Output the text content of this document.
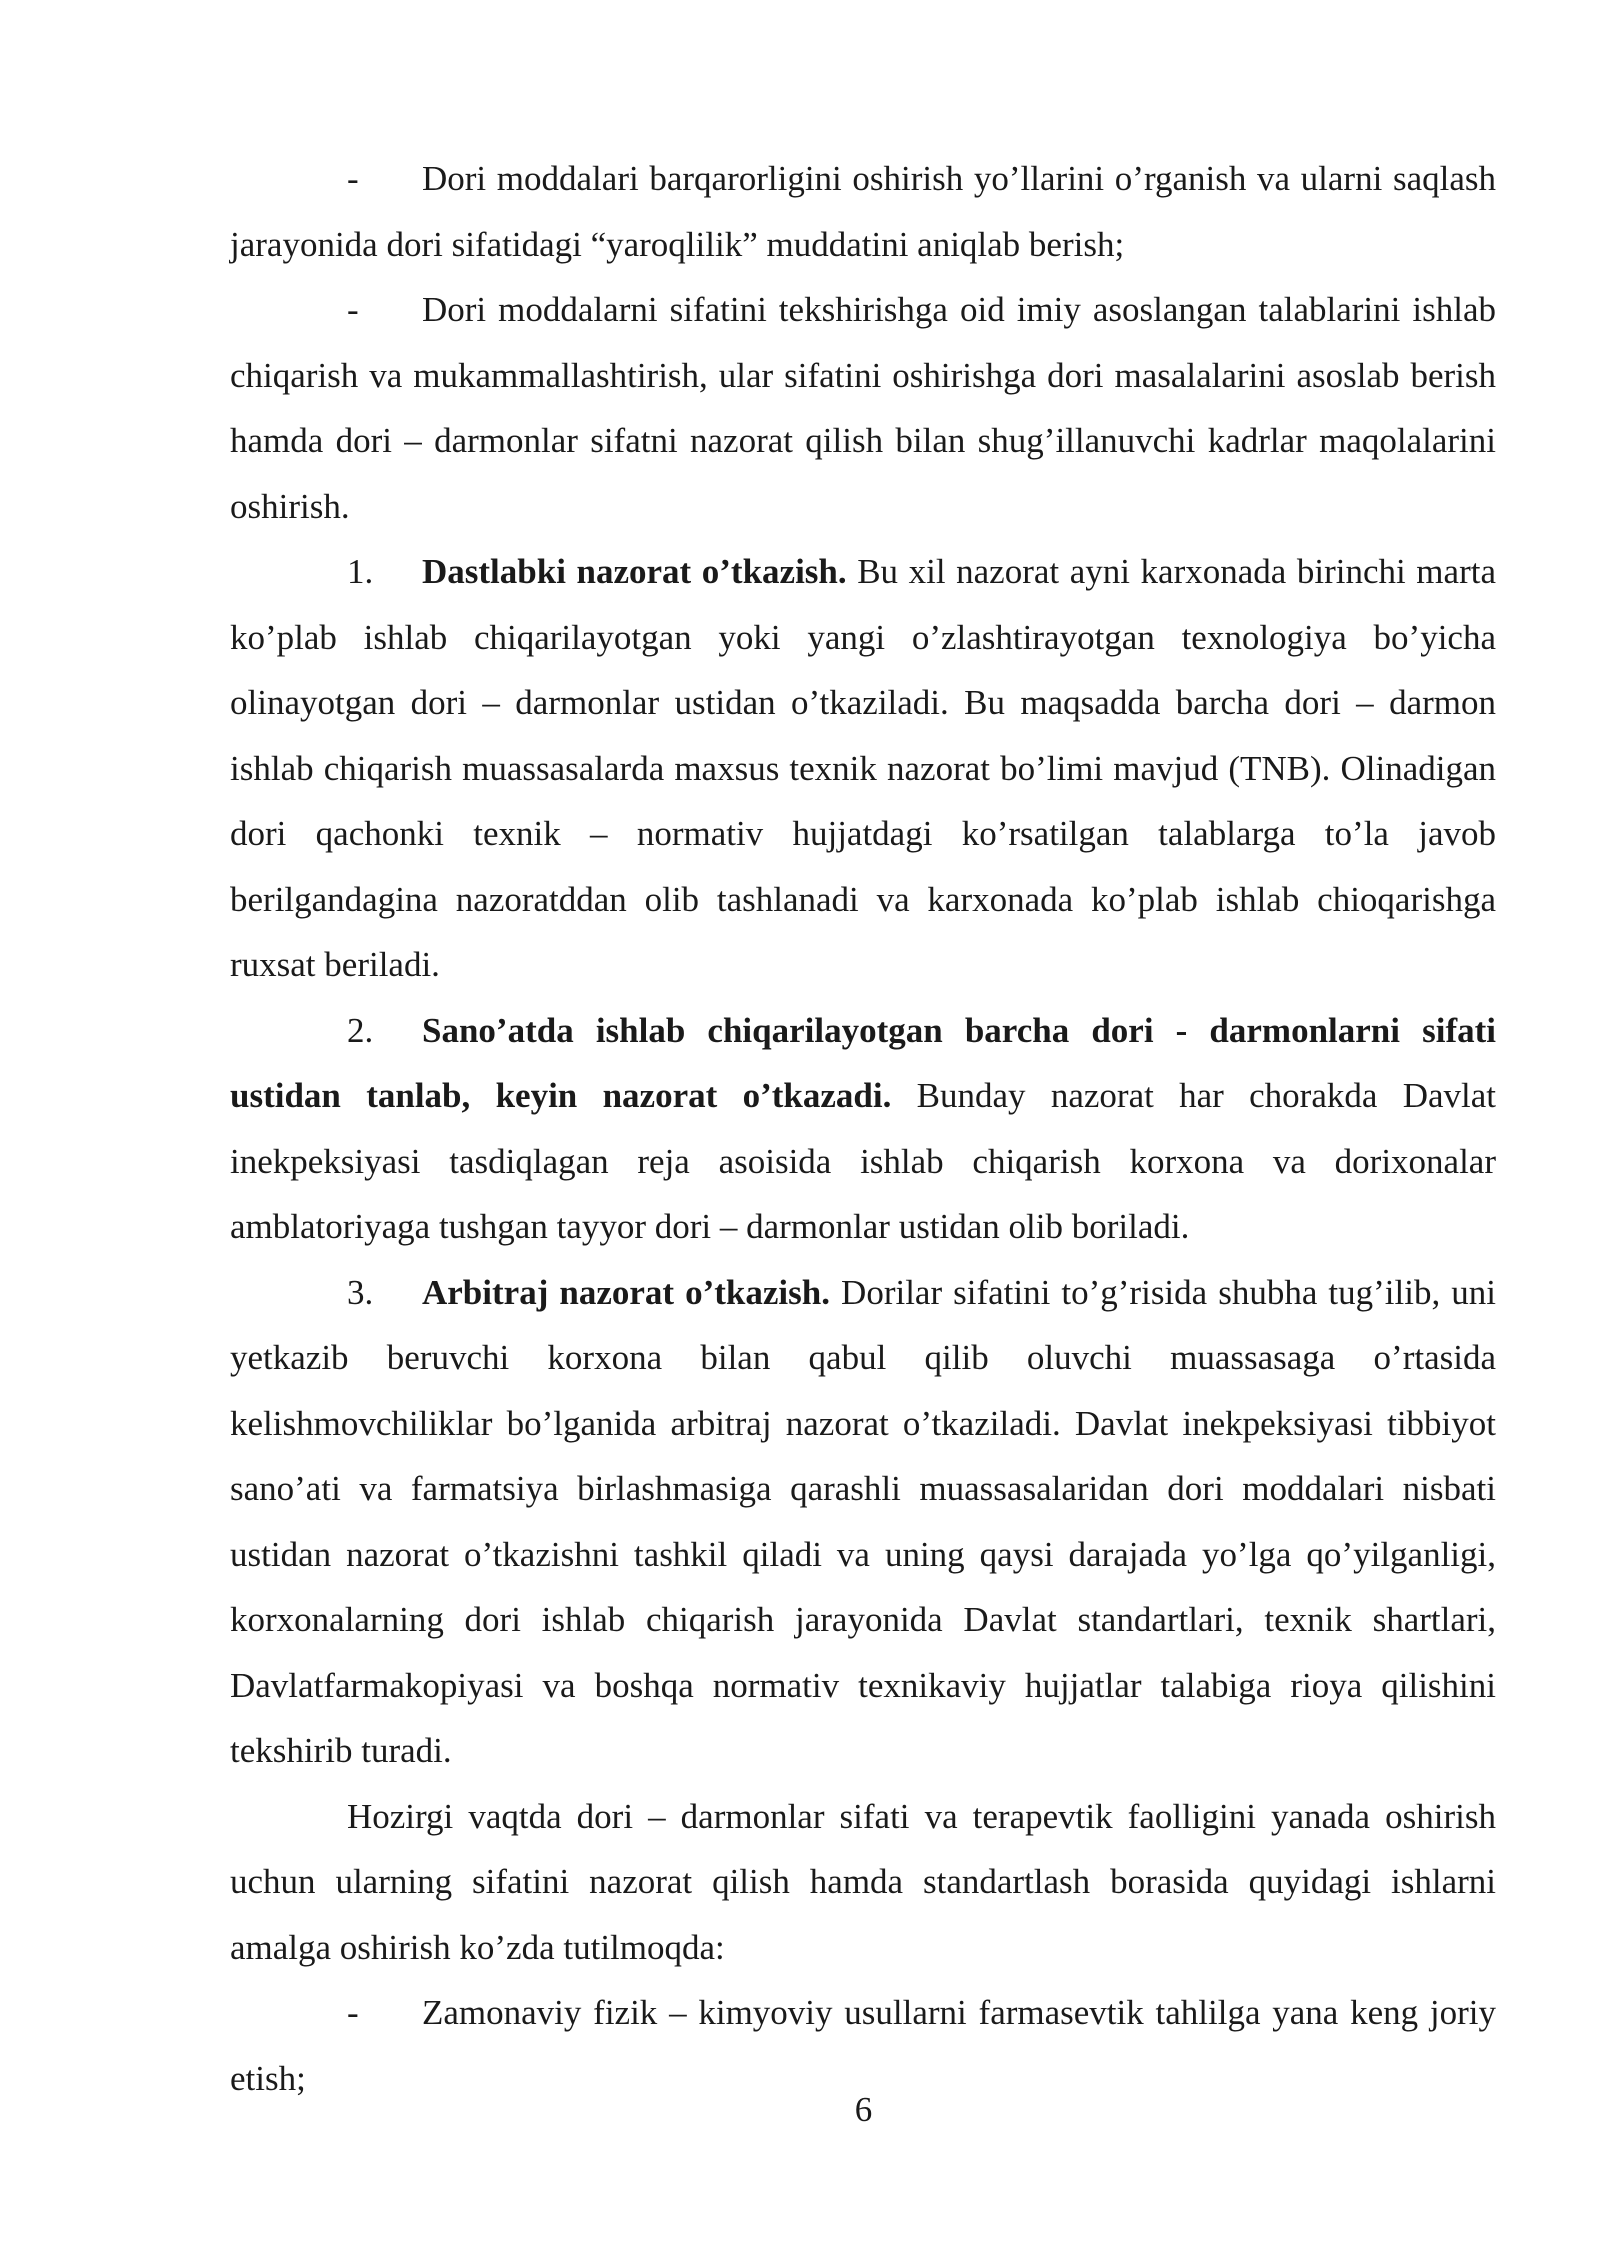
- Dori moddalari barqarorligini oshirish yo’llarini o’rganish va ularni saqlash jarayonida dori sifatidagi “yaroqlilik” muddatini aniqlab berish;

- Dori moddalarni sifatini tekshirishga oid imiy asoslangan talablarini ishlab chiqarish va mukammallashtirish, ular sifatini oshirishga dori masalalarini asoslab berish hamda dori – darmonlar sifatni nazorat qilish bilan shug’illanuvchi kadrlar maqolalarini oshirish.

1. Dastlabki nazorat o’tkazish. Bu xil nazorat ayni karxonada birinchi marta ko’plab ishlab chiqarilayotgan yoki yangi o’zlashtirayotgan texnologiya bo’yicha olinayotgan dori – darmonlar ustidan o’tkaziladi. Bu maqsadda barcha dori – darmon ishlab chiqarish muassasalarda maxsus texnik nazorat bo’limi mavjud (TNB). Olinadigan dori qachonki texnik – normativ hujjatdagi ko’rsatilgan talablarga to’la javob berilgandagina nazoratddan olib tashlanadi va karxonada ko’plab ishlab chioqarishga ruxsat beriladi.

2. Sano’atda ishlab chiqarilayotgan barcha dori - darmonlarni sifati ustidan tanlab, keyin nazorat o’tkazadi. Bunday nazorat har chorakda Davlat inekpeksiyasi tasdiqlagan reja asoisida ishlab chiqarish korxona va dorixonalar amblatoriyaga tushgan tayyor dori – darmonlar ustidan olib boriladi.

3. Arbitraj nazorat o’tkazish. Dorilar sifatini to’g’risida shubha tug’ilib, uni yetkazib beruvchi korxona bilan qabul qilib oluvchi muassasaga o’rtasida kelishmovchiliklar bo’lganida arbitraj nazorat o’tkaziladi. Davlat inekpeksiyasi tibbiyot sano’ati va farmatsiya birlashmasiga qarashli muassasalaridan dori moddalari nisbati ustidan nazorat o’tkazishni tashkil qiladi va uning qaysi darajada yo’lga qo’yilganligi, korxonalarning dori ishlab chiqarish jarayonida Davlat standartlari, texnik shartlari, Davlatfarmakopiyasi va boshqa normativ texnikaviy hujjatlar talabiga rioya qilishini tekshirib turadi.

Hozirgi vaqtda dori – darmonlar sifati va terapevtik faolligini yanada oshirish uchun ularning sifatini nazorat qilish hamda standartlash borasida quyidagi ishlarni amalga oshirish ko’zda tutilmoqda:

- Zamonaviy fizik – kimyoviy usullarni farmasevtik tahlilga yana keng joriy etish;

6
